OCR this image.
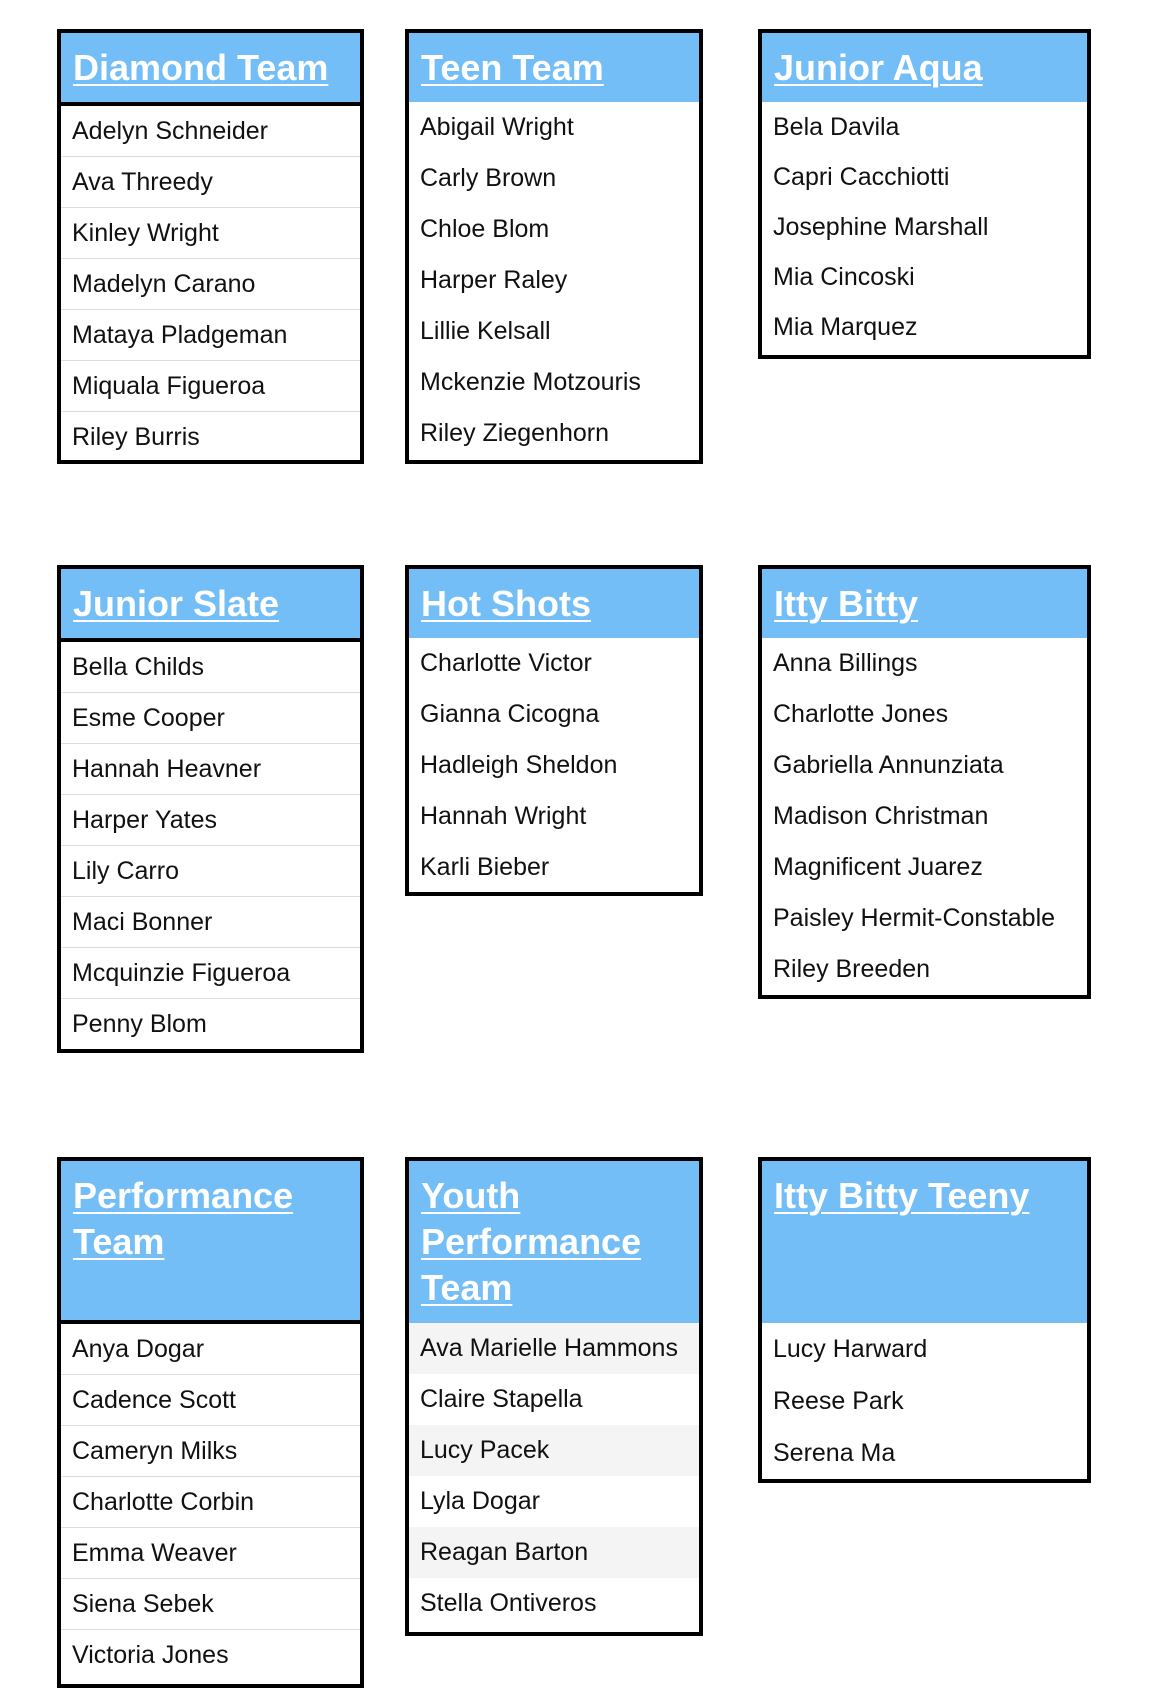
Diamond Team
Adelyn Schneider
Ava Threedy
Kinley Wright
Madelyn Carano
Mataya Pladgeman
Miquala Figueroa
Riley Burris
Teen Team
Abigail Wright
Carly Brown
Chloe Blom
Harper Raley
Lillie Kelsall
Mckenzie Motzouris
Riley Ziegenhorn
Junior Aqua
Bela Davila
Capri Cacchiotti
Josephine Marshall
Mia Cincoski
Mia Marquez
Junior Slate
Bella Childs
Esme Cooper
Hannah Heavner
Harper Yates
Lily Carro
Maci Bonner
Mcquinzie Figueroa
Penny Blom
Hot Shots
Charlotte Victor
Gianna Cicogna
Hadleigh Sheldon
Hannah Wright
Karli Bieber
Itty Bitty
Anna Billings
Charlotte Jones
Gabriella Annunziata
Madison Christman
Magnificent Juarez
Paisley Hermit-Constable
Riley Breeden
Performance Team
Anya Dogar
Cadence Scott
Cameryn Milks
Charlotte Corbin
Emma Weaver
Siena Sebek
Victoria Jones
Youth Performance Team
Ava Marielle Hammons
Claire Stapella
Lucy Pacek
Lyla Dogar
Reagan Barton
Stella Ontiveros
Itty Bitty Teeny
Lucy Harward
Reese Park
Serena Ma
